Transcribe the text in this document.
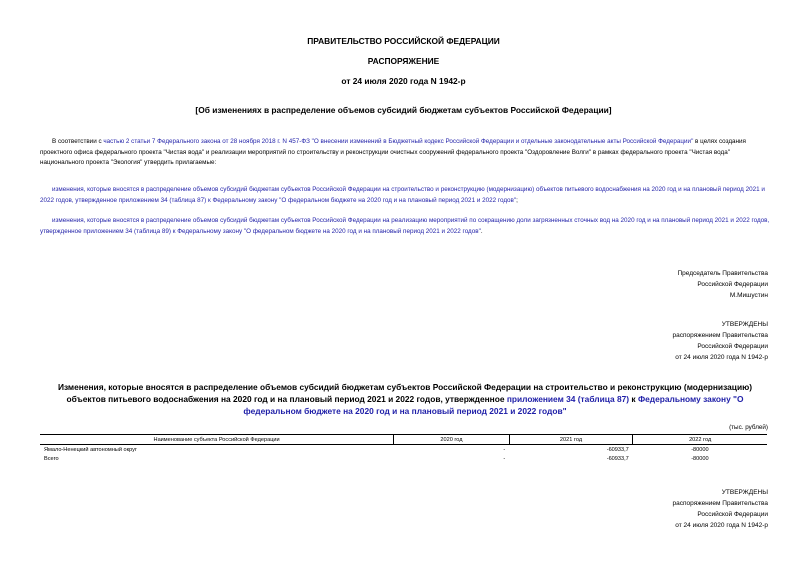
ПРАВИТЕЛЬСТВО РОССИЙСКОЙ ФЕДЕРАЦИИ
РАСПОРЯЖЕНИЕ
от 24 июля 2020 года N 1942-р
[Об изменениях в распределение объемов субсидий бюджетам субъектов Российской Федерации]
В соответствии с частью 2 статьи 7 Федерального закона от 28 ноября 2018 г. N 457-ФЗ "О внесении изменений в Бюджетный кодекс Российской Федерации и отдельные законодательные акты Российской Федерации" в целях создания проектного офиса федерального проекта "Чистая вода" и реализации мероприятий по строительству и реконструкции очистных сооружений федерального проекта "Оздоровление Волги" в рамках федерального проекта "Чистая вода" национального проекта "Экология" утвердить прилагаемые:
изменения, которые вносятся в распределение объемов субсидий бюджетам субъектов Российской Федерации на строительство и реконструкцию (модернизацию) объектов питьевого водоснабжения на 2020 год и на плановый период 2021 и 2022 годов, утвержденное приложением 34 (таблица 87) к Федеральному закону "О федеральном бюджете на 2020 год и на плановый период 2021 и 2022 годов";
изменения, которые вносятся в распределение объемов субсидий бюджетам субъектов Российской Федерации на реализацию мероприятий по сокращению доли загрязненных сточных вод на 2020 год и на плановый период 2021 и 2022 годов, утвержденное приложением 34 (таблица 89) к Федеральному закону "О федеральном бюджете на 2020 год и на плановый период 2021 и 2022 годов".
Председатель Правительства
Российской Федерации
М.Мишустин
УТВЕРЖДЕНЫ
распоряжением Правительства
Российской Федерации
от 24 июля 2020 года N 1942-р
Изменения, которые вносятся в распределение объемов субсидий бюджетам субъектов Российской Федерации на строительство и реконструкцию (модернизацию) объектов питьевого водоснабжения на 2020 год и на плановый период 2021 и 2022 годов, утвержденное приложением 34 (таблица 87) к Федеральному закону "О федеральном бюджете на 2020 год и на плановый период 2021 и 2022 годов"
(тыс. рублей)
Наименование субъекта Российской Федерации	2020 год	2021 год	2022 год
Ямало-Ненецкий автономный округ	-	-60933,7	-80000
Всего	-	-60933,7	-80000
УТВЕРЖДЕНЫ
распоряжением Правительства
Российской Федерации
от 24 июля 2020 года N 1942-р
